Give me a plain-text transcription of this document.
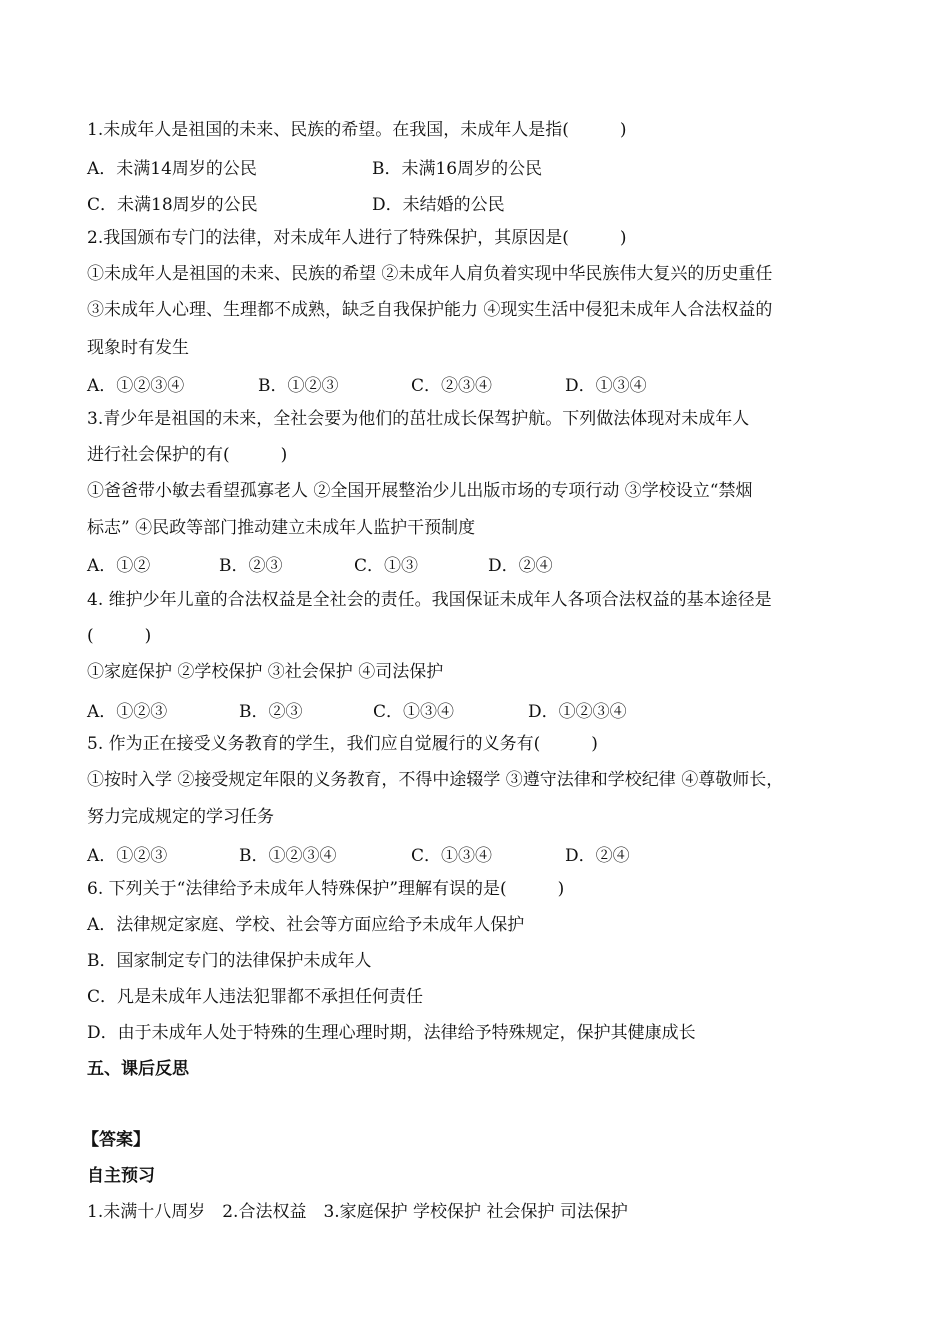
1.未成年人是祖国的未来、民族的希望。在我国，未成年人是指(　　　)
A．未满14周岁的公民	B．未满16周岁的公民
C．未满18周岁的公民	D．未结婚的公民
2.我国颁布专门的法律，对未成年人进行了特殊保护，其原因是(　　　)
①未成年人是祖国的未来、民族的希望 ②未成年人肩负着实现中华民族伟大复兴的历史重任
③未成年人心理、生理都不成熟，缺乏自我保护能力 ④现实生活中侵犯未成年人合法权益的
现象时有发生
A．①②③④	B．①②③	C．②③④	D．①③④
3.青少年是祖国的未来，全社会要为他们的茁壮成长保驾护航。下列做法体现对未成年人
进行社会保护的有(　　　)
①爸爸带小敏去看望孤寡老人 ②全国开展整治少儿出版市场的专项行动 ③学校设立“禁烟
标志” ④民政等部门推动建立未成年人监护干预制度
A．①②	B．②③	C．①③	D．②④
4. 维护少年儿童的合法权益是全社会的责任。我国保证未成年人各项合法权益的基本途径是
(　　　)
①家庭保护 ②学校保护 ③社会保护 ④司法保护
A．①②③	B．②③	C．①③④	D．①②③④
5. 作为正在接受义务教育的学生，我们应自觉履行的义务有(　　　)
①按时入学 ②接受规定年限的义务教育，不得中途辍学 ③遵守法律和学校纪律 ④尊敬师长，
努力完成规定的学习任务
A．①②③	B．①②③④	C．①③④	D．②④
6. 下列关于“法律给予未成年人特殊保护”理解有误的是(　　　)
A．法律规定家庭、学校、社会等方面应给予未成年人保护
B．国家制定专门的法律保护未成年人
C．凡是未成年人违法犯罪都不承担任何责任
D．由于未成年人处于特殊的生理心理时期，法律给予特殊规定，保护其健康成长
五、课后反思
【答案】
自主预习
1.未满十八周岁　2.合法权益　3.家庭保护 学校保护 社会保护 司法保护
